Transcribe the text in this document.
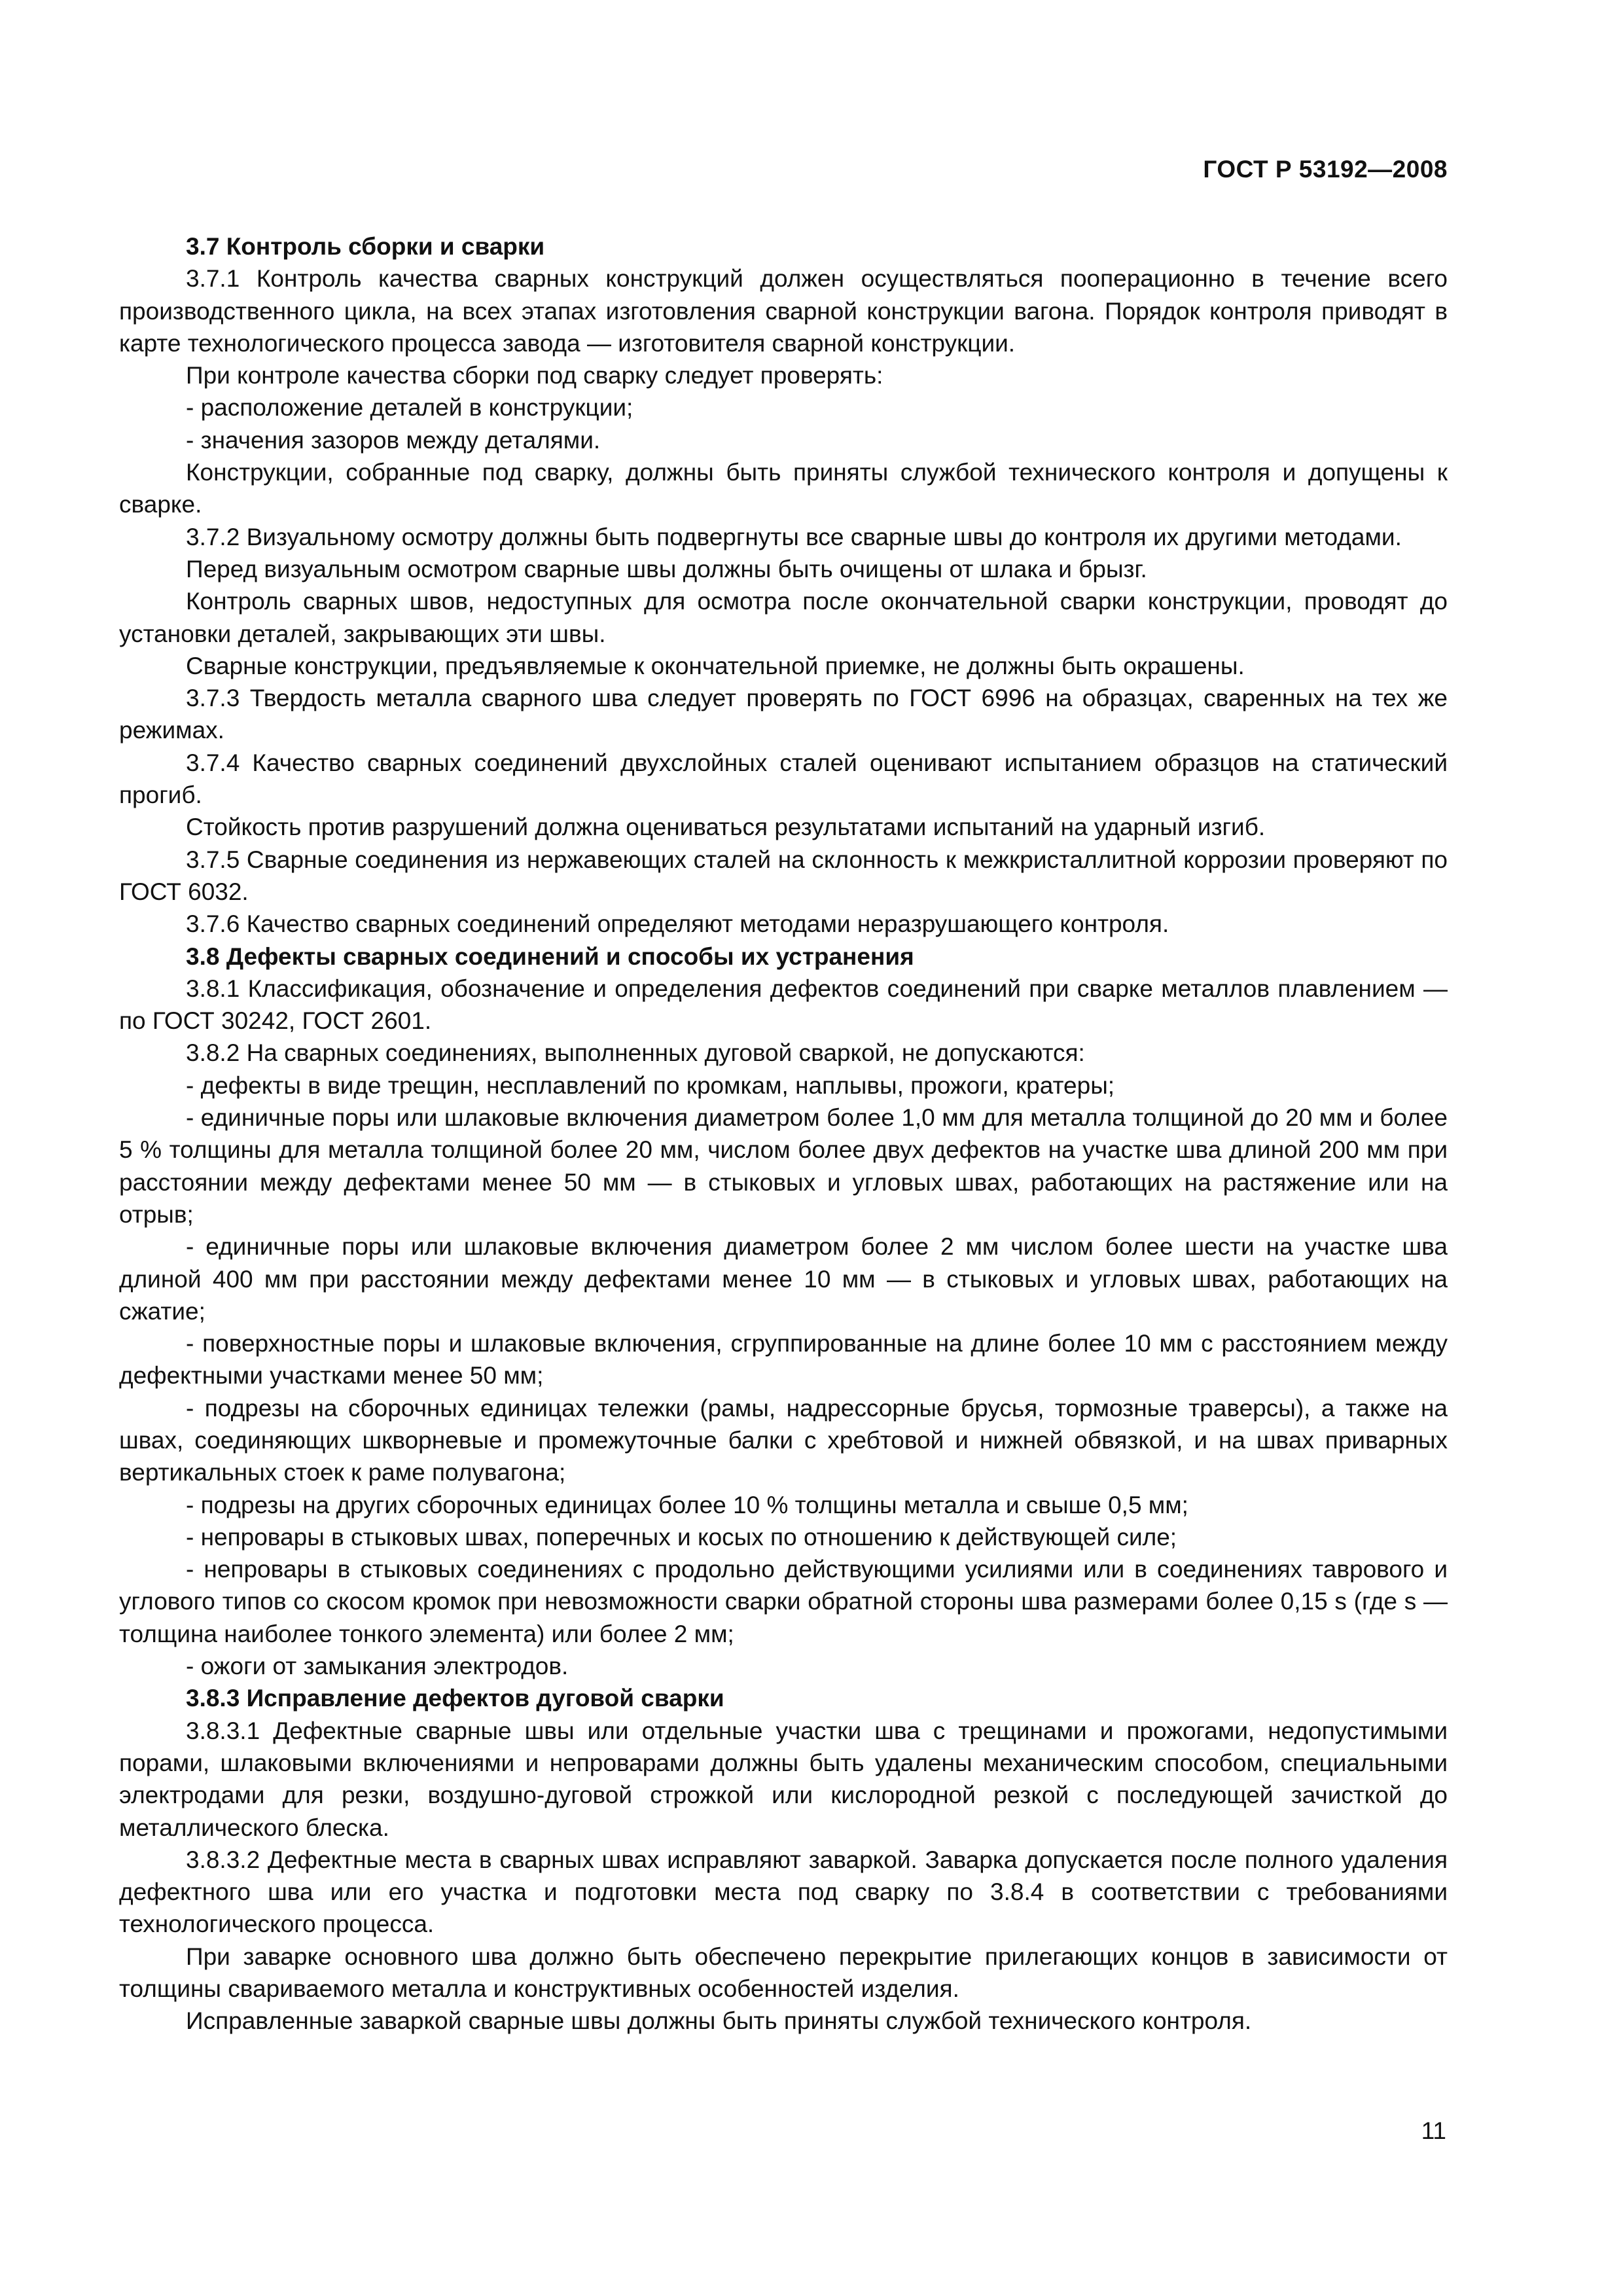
ГОСТ Р 53192—2008
3.7 Контроль сборки и сварки
3.7.1 Контроль качества сварных конструкций должен осуществляться пооперационно в течение всего производственного цикла, на всех этапах изготовления сварной конструкции вагона. Порядок контроля приводят в карте технологического процесса завода — изготовителя сварной конструкции.
При контроле качества сборки под сварку следует проверять:
- расположение деталей в конструкции;
- значения зазоров между деталями.
Конструкции, собранные под сварку, должны быть приняты службой технического контроля и допущены к сварке.
3.7.2 Визуальному осмотру должны быть подвергнуты все сварные швы до контроля их другими методами.
Перед визуальным осмотром сварные швы должны быть очищены от шлака и брызг.
Контроль сварных швов, недоступных для осмотра после окончательной сварки конструкции, проводят до установки деталей, закрывающих эти швы.
Сварные конструкции, предъявляемые к окончательной приемке, не должны быть окрашены.
3.7.3 Твердость металла сварного шва следует проверять по ГОСТ 6996 на образцах, сваренных на тех же режимах.
3.7.4 Качество сварных соединений двухслойных сталей оценивают испытанием образцов на статический прогиб.
Стойкость против разрушений должна оцениваться результатами испытаний на ударный изгиб.
3.7.5 Сварные соединения из нержавеющих сталей на склонность к межкристаллитной коррозии проверяют по ГОСТ 6032.
3.7.6 Качество сварных соединений определяют методами неразрушающего контроля.
3.8 Дефекты сварных соединений и способы их устранения
3.8.1 Классификация, обозначение и определения дефектов соединений при сварке металлов плавлением — по ГОСТ 30242, ГОСТ 2601.
3.8.2 На сварных соединениях, выполненных дуговой сваркой, не допускаются:
- дефекты в виде трещин, несплавлений по кромкам, наплывы, прожоги, кратеры;
- единичные поры или шлаковые включения диаметром более 1,0 мм для металла толщиной до 20 мм и более 5 % толщины для металла толщиной более 20 мм, числом более двух дефектов на участке шва длиной 200 мм при расстоянии между дефектами менее 50 мм — в стыковых и угловых швах, работающих на растяжение или на отрыв;
- единичные поры или шлаковые включения диаметром более 2 мм числом более шести на участке шва длиной 400 мм при расстоянии между дефектами менее 10 мм — в стыковых и угловых швах, работающих на сжатие;
- поверхностные поры и шлаковые включения, сгруппированные на длине более 10 мм с расстоянием между дефектными участками менее 50 мм;
- подрезы на сборочных единицах тележки (рамы, надрессорные брусья, тормозные траверсы), а также на швах, соединяющих шкворневые и промежуточные балки с хребтовой и нижней обвязкой, и на швах приварных вертикальных стоек к раме полувагона;
- подрезы на других сборочных единицах более 10 % толщины металла и свыше 0,5 мм;
- непровары в стыковых швах, поперечных и косых по отношению к действующей силе;
- непровары в стыковых соединениях с продольно действующими усилиями или в соединениях таврового и углового типов со скосом кромок при невозможности сварки обратной стороны шва размерами более 0,15 s (где s — толщина наиболее тонкого элемента) или более 2 мм;
- ожоги от замыкания электродов.
3.8.3 Исправление дефектов дуговой сварки
3.8.3.1 Дефектные сварные швы или отдельные участки шва с трещинами и прожогами, недопустимыми порами, шлаковыми включениями и непроварами должны быть удалены механическим способом, специальными электродами для резки, воздушно-дуговой строжкой или кислородной резкой с последующей зачисткой до металлического блеска.
3.8.3.2 Дефектные места в сварных швах исправляют заваркой. Заварка допускается после полного удаления дефектного шва или его участка и подготовки места под сварку по 3.8.4 в соответствии с требованиями технологического процесса.
При заварке основного шва должно быть обеспечено перекрытие прилегающих концов в зависимости от толщины свариваемого металла и конструктивных особенностей изделия.
Исправленные заваркой сварные швы должны быть приняты службой технического контроля.
11
